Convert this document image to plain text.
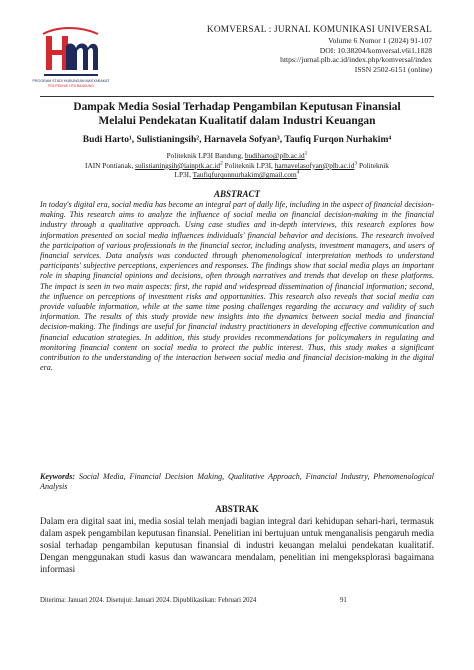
PROGRAM STUDI HUBUNGAN MASYARAKAT
POLITEKNIK LP3I BANDUNG
KOMVERSAL : JURNAL KOMUNIKASI UNIVERSAL
Volume 6 Nomor 1 (2024) 91-107
DOI: 10.38204/komversal.v6i1.1828
https://jurnal.plb.ac.id/index.php/komversal/index
ISSN 2502-6151 (online)
Dampak Media Sosial Terhadap Pengambilan Keputusan Finansial
Melalui Pendekatan Kualitatif dalam Industri Keuangan
Budi Harto¹, Sulistianingsih², Harnavela Sofyan³, Taufiq Furqon Nurhakim⁴
Politeknik LP3I Bandung, $budiharto@plb.ac.id^1$
IAIN Pontianak, $sulistianingsih@iainptk.ac.id^2$ Politeknik LP3I, $harnavelasofyan@plb.ac.id^3$ Politeknik
LP3I, Taufiqfurqonnurhakim@gmail.com$^4$
ABSTRACT

In today's digital era, social media has become an integral part of daily life, including in the aspect of financial decision-making. This research aims to analyze the influence of social media on financial decision-making in the financial industry through a qualitative approach. Using case studies and in-depth interviews, this research explores how information presented on social media influences individuals' financial behavior and decisions. The research involved the participation of various professionals in the financial sector, including analysts, investment managers, and users of financial services. Data analysis was conducted through phenomenological interpretation methods to understand participants' subjective perceptions, experiences and responses. The findings show that social media plays an important role in shaping financial opinions and decisions, often through narratives and trends that develop on these platforms. The impact is seen in two main aspects: first, the rapid and widespread dissemination of financial information; second, the influence on perceptions of investment risks and opportunities. This research also reveals that social media can provide valuable information, while at the same time posing challenges regarding the accuracy and validity of such information. The results of this study provide new insights into the dynamics between social media and financial decision-making. The findings are useful for financial industry practitioners in developing effective communication and financial education strategies. In addition, this study provides recommendations for policymakers in regulating and monitoring financial content on social media to protect the public interest. Thus, this study makes a significant contribution to the understanding of the interaction between social media and financial decision-making in the digital era.

Keywords: Social Media, Financial Decision Making, Qualitative Approach, Financial Industry, Phenomenological Analysis

ABSTRAK

Dalam era digital saat ini, media sosial telah menjadi bagian integral dari kehidupan sehari-hari, termasuk dalam aspek pengambilan keputusan finansial. Penelitian ini bertujuan untuk menganalisis pengaruh media sosial terhadap pengambilan keputusan finansial di industri keuangan melalui pendekatan kualitatif. Dengan menggunakan studi kasus dan wawancara mendalam, penelitian ini mengeksplorasi bagaimana informasi

Diterima: Januari 2024. Disetujui: Januari 2024. Dipublikasikan: Februari 2024	91
